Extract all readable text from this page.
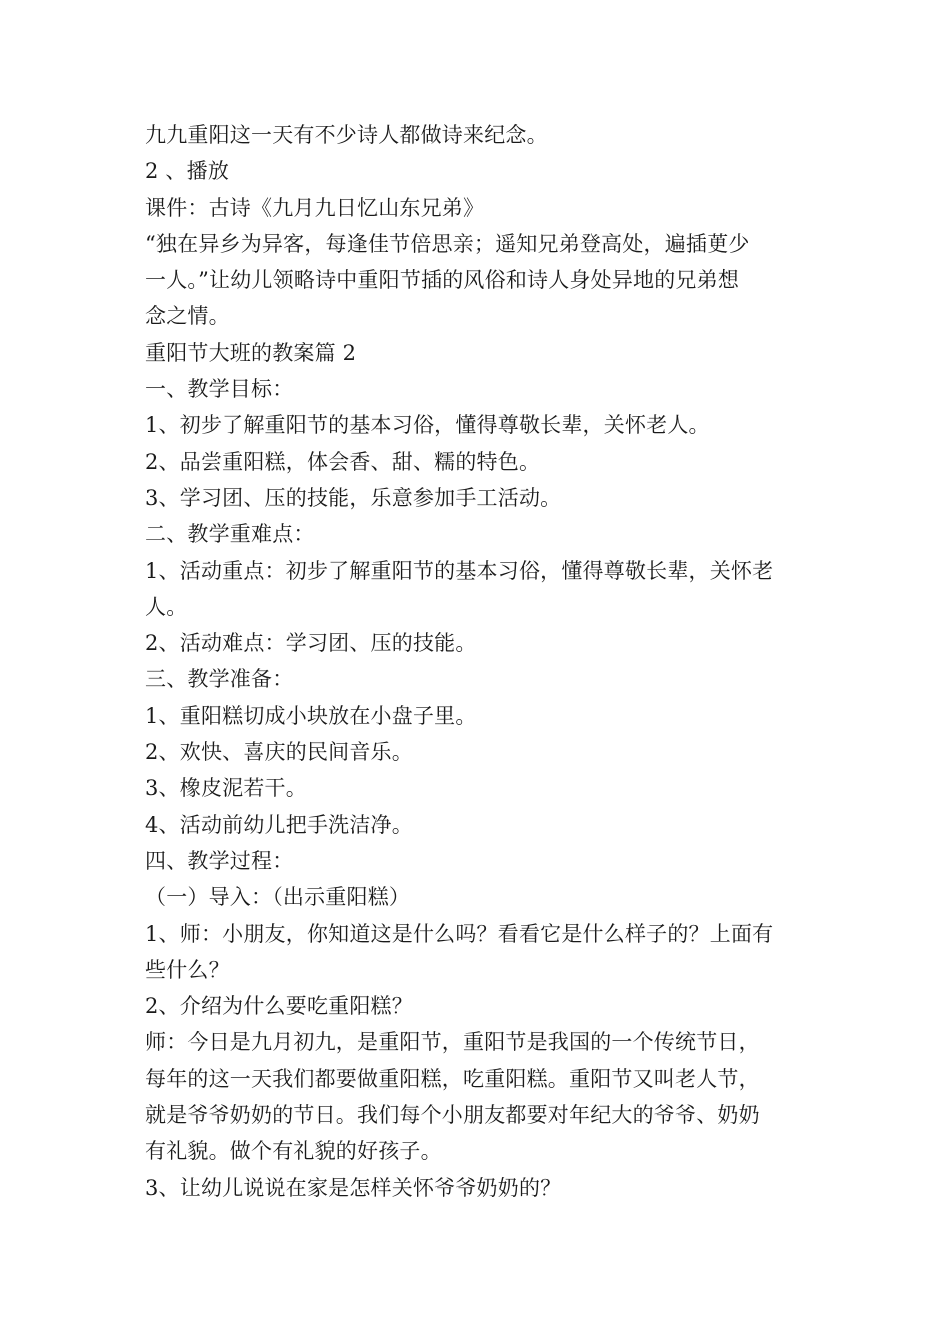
九九重阳这一天有不少诗人都做诗来纪念。
2 、播放
课件：古诗《九月九日忆山东兄弟》
“独在异乡为异客，每逢佳节倍思亲；遥知兄弟登高处，遍插茰少
一人。”让幼儿领略诗中重阳节插的风俗和诗人身处异地的兄弟想
念之情。
重阳节大班的教案篇 2
一、教学目标：
1、初步了解重阳节的基本习俗，懂得尊敬长辈，关怀老人。
2、品尝重阳糕，体会香、甜、糯的特色。
3、学习团、压的技能，乐意参加手工活动。
二、教学重难点：
1、活动重点：初步了解重阳节的基本习俗，懂得尊敬长辈，关怀老
人。
2、活动难点：学习团、压的技能。
三、教学准备：
1、重阳糕切成小块放在小盘子里。
2、欢快、喜庆的民间音乐。
3、橡皮泥若干。
4、活动前幼儿把手洗洁净。
四、教学过程：
（一）导入：（出示重阳糕）
1、师：小朋友，你知道这是什么吗？看看它是什么样子的？上面有
些什么？
2、介绍为什么要吃重阳糕？
师：今日是九月初九，是重阳节，重阳节是我国的一个传统节日，
每年的这一天我们都要做重阳糕，吃重阳糕。重阳节又叫老人节，
就是爷爷奶奶的节日。我们每个小朋友都要对年纪大的爷爷、奶奶
有礼貌。做个有礼貌的好孩子。
3、让幼儿说说在家是怎样关怀爷爷奶奶的？
